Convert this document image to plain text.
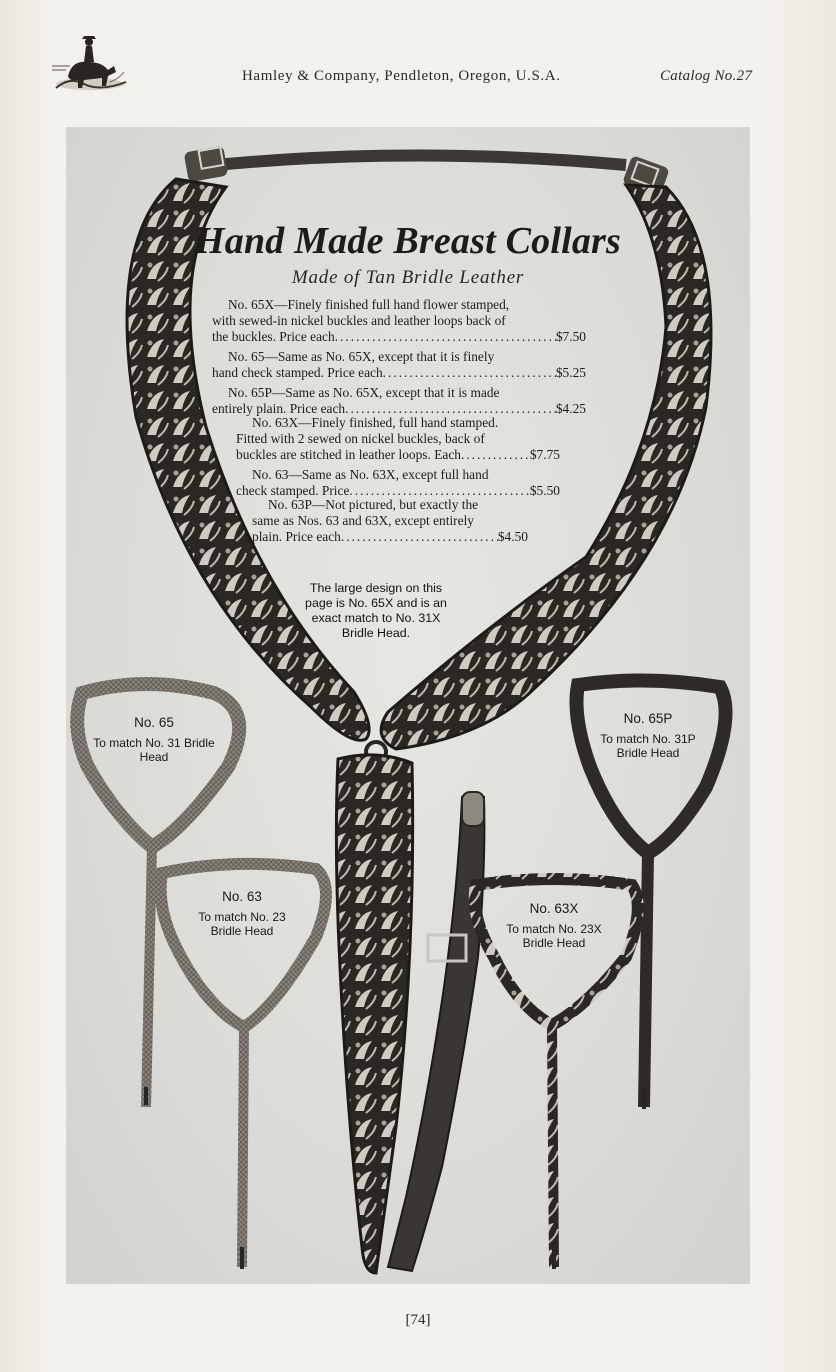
Hamley & Company, Pendleton, Oregon, U.S.A.	Catalog No.27
Hand Made Breast Collars
Made of Tan Bridle Leather
No. 65X—Finely finished full hand flower stamped,
with sewed-in nickel buckles and leather loops back of
the buckles. Price each .....	$7.50
No. 65—Same as No. 65X, except that it is finely
hand check stamped. Price each .....	$5.25
No. 65P—Same as No. 65X, except that it is made
entirely plain. Price each .....	$4.25
No. 63X—Finely finished, full hand stamped.
Fitted with 2 sewed on nickel buckles, back of
buckles are stitched in leather loops. Each .....	$7.75
No. 63—Same as No. 63X, except full hand
check stamped. Price .....	$5.50
No. 63P—Not pictured, but exactly the
same as Nos. 63 and 63X, except entirely
plain. Price each .....	$4.50
The large design on this page is No. 65X and is an exact match to No. 31X Bridle Head.
No. 65
To match No. 31 Bridle Head
No. 63
To match No. 23 Bridle Head
No. 65P
To match No. 31P Bridle Head
No. 63X
To match No. 23X Bridle Head
[74]
